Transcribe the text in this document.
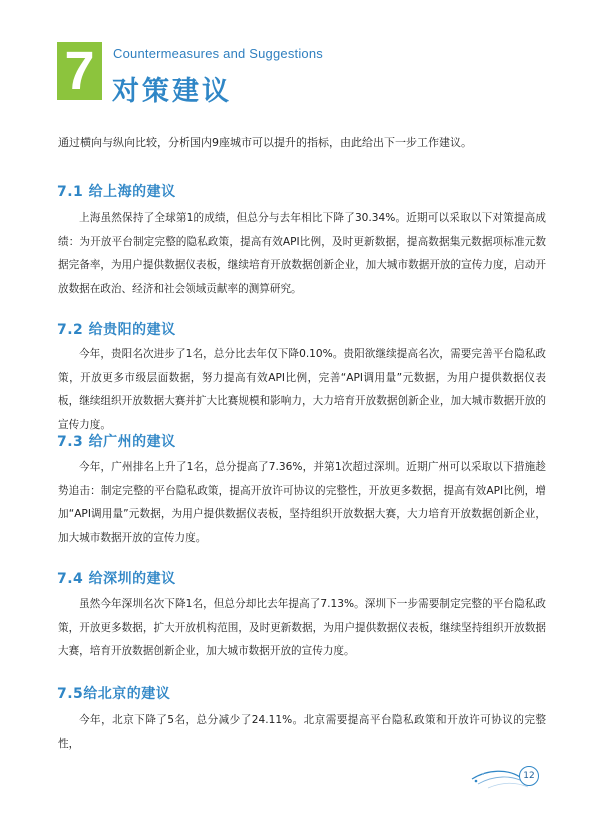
7 Countermeasures and Suggestions
对策建议

通过横向与纵向比较，分析国内9座城市可以提升的指标，由此给出下一步工作建议。

7.1 给上海的建议

上海虽然保持了全球第1的成绩，但总分与去年相比下降了30.34%。近期可以采取以下对策提高成绩：为开放平台制定完整的隐私政策，提高有效API比例，及时更新数据，提高数据集元数据项标准元数据完备率，为用户提供数据仪表板，继续培育开放数据创新企业，加大城市数据开放的宣传力度，启动开放数据在政治、经济和社会领域贡献率的测算研究。

7.2 给贵阳的建议

今年，贵阳名次进步了1名，总分比去年仅下降0.10%。贵阳欲继续提高名次，需要完善平台隐私政策，开放更多市级层面数据，努力提高有效API比例，完善“API调用量”元数据，为用户提供数据仪表板，继续组织开放数据大赛并扩大比赛规模和影响力，大力培育开放数据创新企业，加大城市数据开放的宣传力度。

7.3 给广州的建议

今年，广州排名上升了1名，总分提高了7.36%，并第1次超过深圳。近期广州可以采取以下措施趁势追击：制定完整的平台隐私政策，提高开放许可协议的完整性，开放更多数据，提高有效API比例，增加“API调用量”元数据，为用户提供数据仪表板，坚持组织开放数据大赛，大力培育开放数据创新企业，加大城市数据开放的宣传力度。

7.4 给深圳的建议

虽然今年深圳名次下降1名，但总分却比去年提高了7.13%。深圳下一步需要制定完整的平台隐私政策，开放更多数据，扩大开放机构范围，及时更新数据，为用户提供数据仪表板，继续坚持组织开放数据大赛，培育开放数据创新企业，加大城市数据开放的宣传力度。

7.5给北京的建议

今年，北京下降了5名，总分减少了24.11%。北京需要提高平台隐私政策和开放许可协议的完整性，

12
